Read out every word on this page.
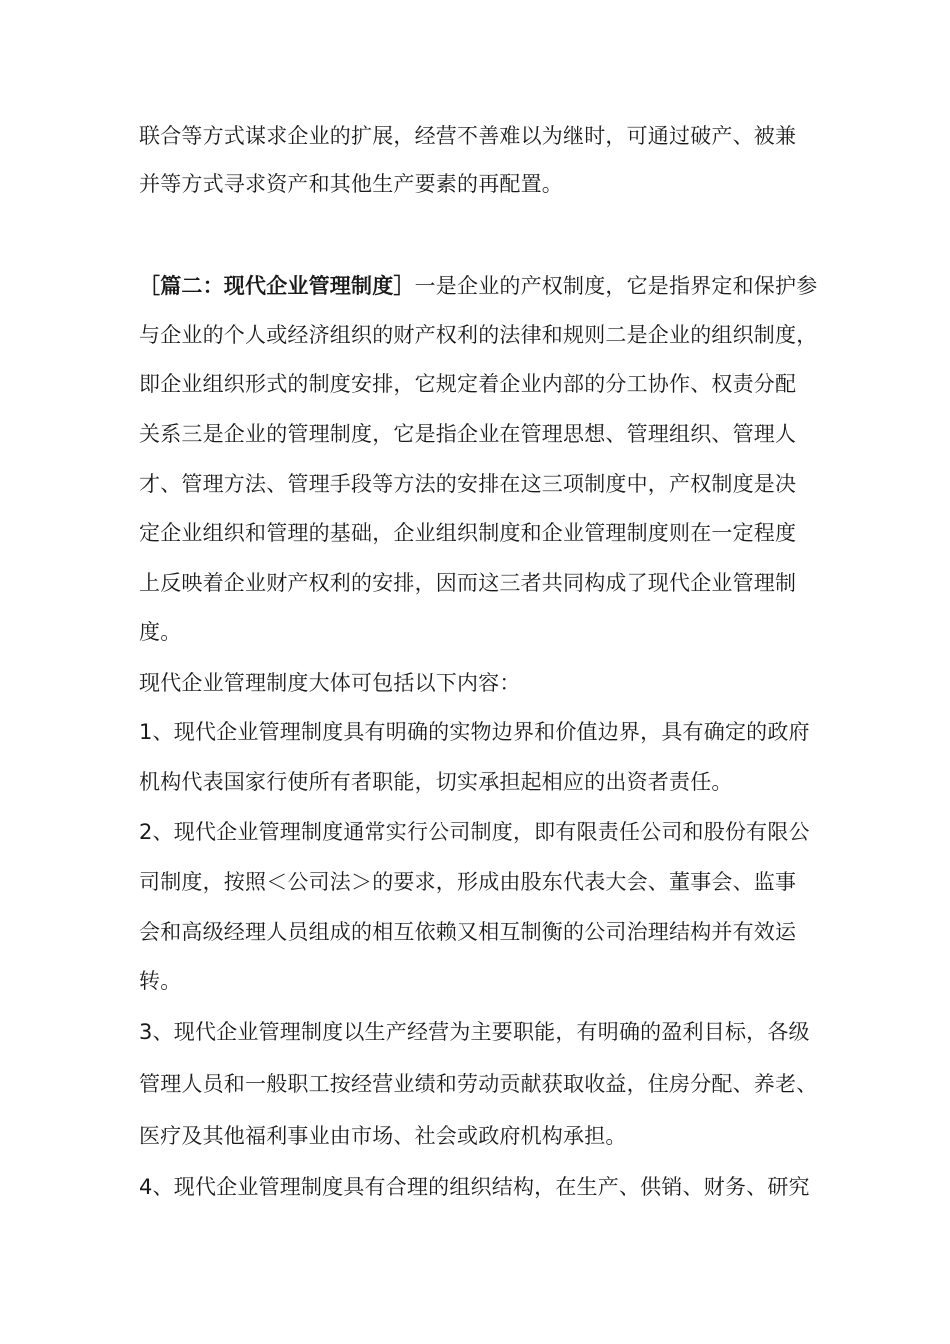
联合等方式谋求企业的扩展，经营不善难以为继时，可通过破产、被兼
并等方式寻求资产和其他生产要素的再配置。
［篇二：现代企业管理制度］一是企业的产权制度，它是指界定和保护参
与企业的个人或经济组织的财产权利的法律和规则二是企业的组织制度，
即企业组织形式的制度安排，它规定着企业内部的分工协作、权责分配
关系三是企业的管理制度，它是指企业在管理思想、管理组织、管理人
才、管理方法、管理手段等方法的安排在这三项制度中，产权制度是决
定企业组织和管理的基础，企业组织制度和企业管理制度则在一定程度
上反映着企业财产权利的安排，因而这三者共同构成了现代企业管理制
度。
现代企业管理制度大体可包括以下内容：
1、现代企业管理制度具有明确的实物边界和价值边界，具有确定的政府
机构代表国家行使所有者职能，切实承担起相应的出资者责任。
2、现代企业管理制度通常实行公司制度，即有限责任公司和股份有限公
司制度，按照＜公司法＞的要求，形成由股东代表大会、董事会、监事
会和高级经理人员组成的相互依赖又相互制衡的公司治理结构并有效运
转。
3、现代企业管理制度以生产经营为主要职能，有明确的盈利目标，各级
管理人员和一般职工按经营业绩和劳动贡献获取收益，住房分配、养老、
医疗及其他福利事业由市场、社会或政府机构承担。
4、现代企业管理制度具有合理的组织结构，在生产、供销、财务、研究
